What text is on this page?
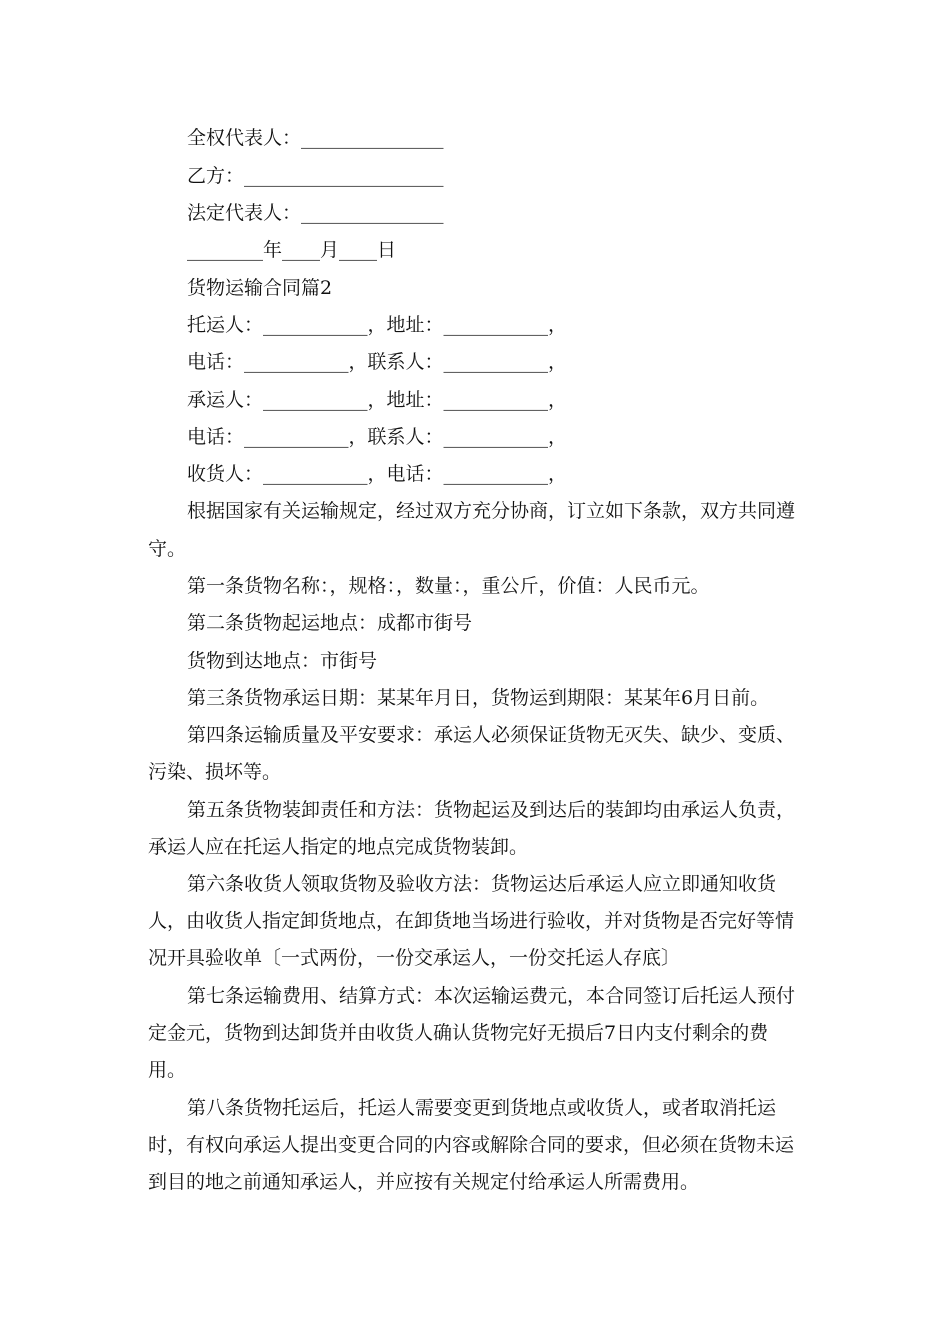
全权代表人：_______________
乙方：_____________________
法定代表人：_______________
________年____月____日
货物运输合同篇2
托运人：___________，地址：___________，
电话：___________，联系人：___________，
承运人：___________，地址：___________，
电话：___________，联系人：___________，
收货人：___________，电话：___________，
根据国家有关运输规定，经过双方充分协商，订立如下条款，双方共同遵
守。
第一条货物名称：，规格：，数量：，重公斤，价值：人民币元。
第二条货物起运地点：成都市街号
货物到达地点：市街号
第三条货物承运日期：某某年月日，货物运到期限：某某年6月日前。
第四条运输质量及平安要求：承运人必须保证货物无灭失、缺少、变质、
污染、损坏等。
第五条货物装卸责任和方法：货物起运及到达后的装卸均由承运人负责，
承运人应在托运人指定的地点完成货物装卸。
第六条收货人领取货物及验收方法：货物运达后承运人应立即通知收货
人，由收货人指定卸货地点，在卸货地当场进行验收，并对货物是否完好等情
况开具验收单〔一式两份，一份交承运人，一份交托运人存底〕
第七条运输费用、结算方式：本次运输运费元，本合同签订后托运人预付
定金元，货物到达卸货并由收货人确认货物完好无损后7日内支付剩余的费
用。
第八条货物托运后，托运人需要变更到货地点或收货人，或者取消托运
时，有权向承运人提出变更合同的内容或解除合同的要求，但必须在货物未运
到目的地之前通知承运人，并应按有关规定付给承运人所需费用。
